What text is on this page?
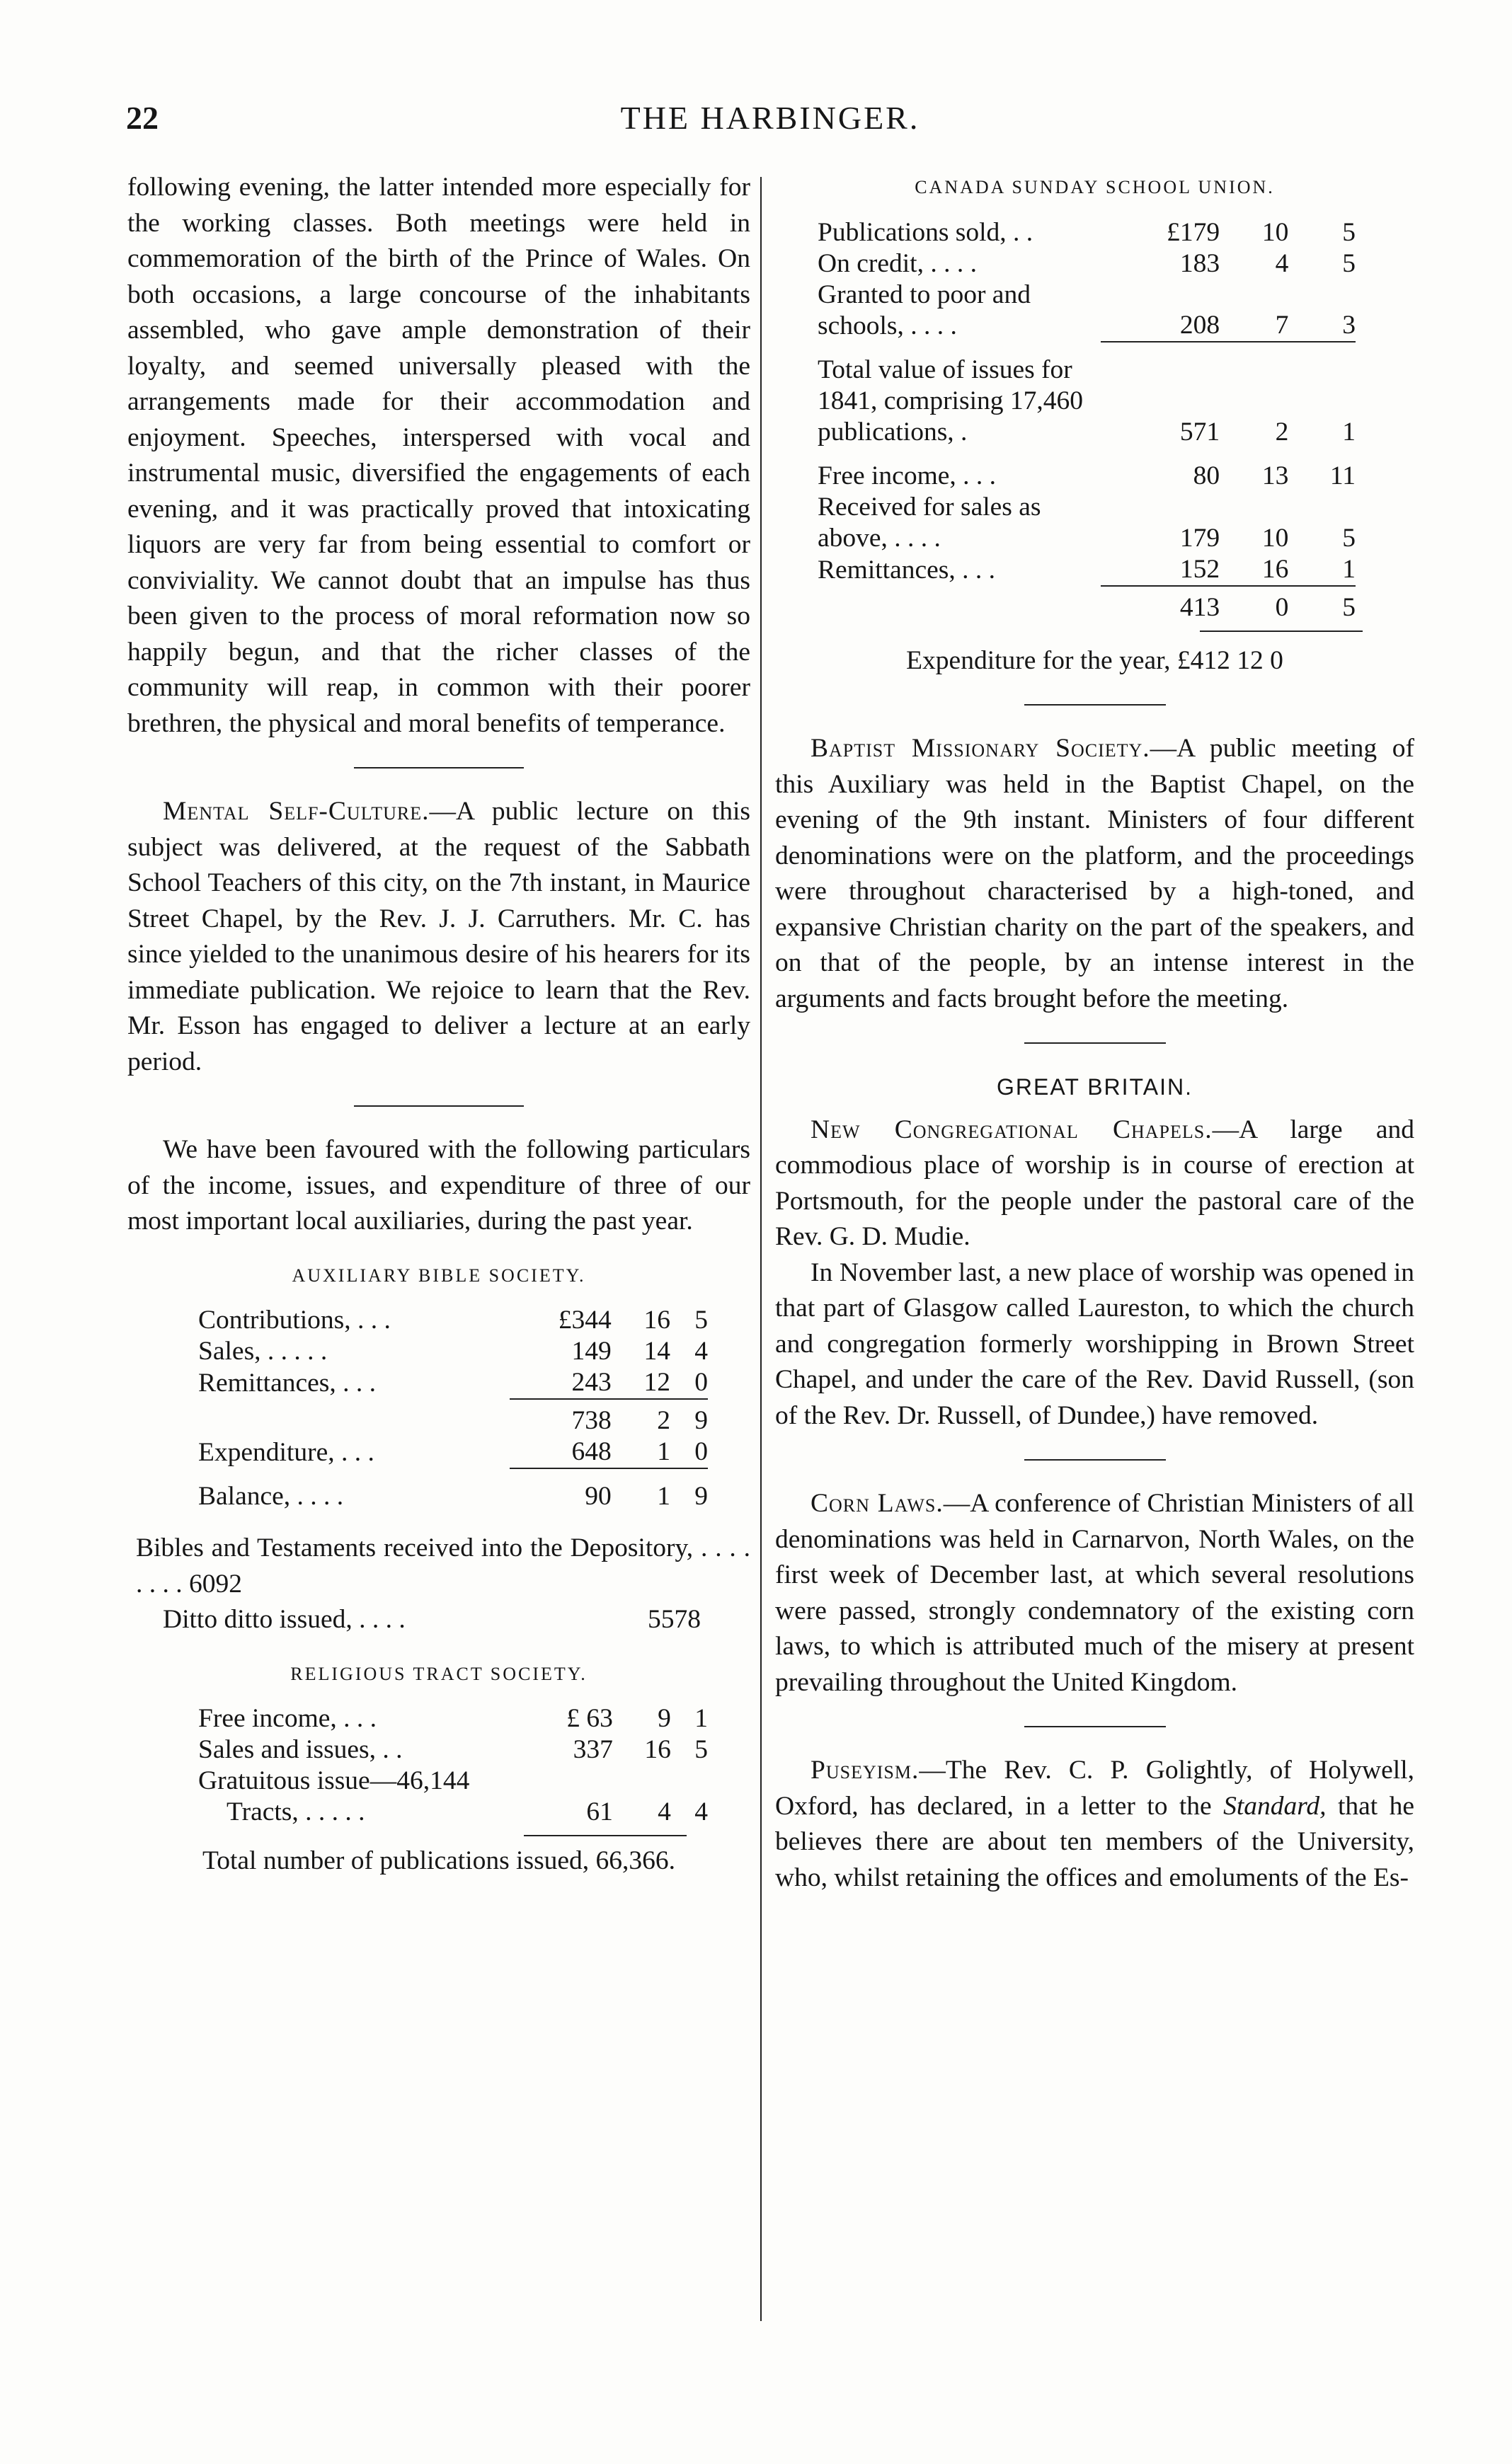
22	THE HARBINGER.

following evening, the latter intended more especially for the working classes. Both meetings were held in commemoration of the birth of the Prince of Wales. On both occasions, a large concourse of the inhabitants assembled, who gave ample demonstration of their loyalty, and seemed universally pleased with the arrangements made for their accommodation and enjoyment. Speeches, interspersed with vocal and instrumental music, diversified the engagements of each evening, and it was practically proved that intoxicating liquors are very far from being essential to comfort or conviviality. We cannot doubt that an impulse has thus been given to the process of moral reformation now so happily begun, and that the richer classes of the community will reap, in common with their poorer brethren, the physical and moral benefits of temperance.

Mental Self-Culture.—A public lecture on this subject was delivered, at the request of the Sabbath School Teachers of this city, on the 7th instant, in Maurice Street Chapel, by the Rev. J. J. Carruthers. Mr. C. has since yielded to the unanimous desire of his hearers for its immediate publication. We rejoice to learn that the Rev. Mr. Esson has engaged to deliver a lecture at an early period.

We have been favoured with the following particulars of the income, issues, and expenditure of three of our most important local auxiliaries, during the past year.

AUXILIARY BIBLE SOCIETY.
Contributions, . . .	£344	16	5
Sales, . . . . .	149	14	4
Remittances, . . .	243	12	0
	738	2	9
Expenditure, . . .	648	1	0
Balance, . . . .	90	1	9
Bibles and Testaments received into the Depository, . . . . . . . . 6092
Ditto ditto issued, . . . .	5578
RELIGIOUS TRACT SOCIETY.
Free income, . . .	£ 63	9	1
Sales and issues, . .	337	16	5
Gratuitous issue—46,144			
Tracts, . . . . .	61	4	4
Total number of publications issued, 66,366.
CANADA SUNDAY SCHOOL UNION.
Publications sold, . .	£179	10	5
On credit, . . . .	183	4	5
Granted to poor and schools, . . . .	208	7	3
Total value of issues for 1841, comprising 17,460 publications, .	571	2	1
Free income, . . .	80	13	11
Received for sales as above, . . . .	179	10	5
Remittances, . . .	152	16	1
	413	0	5
Expenditure for the year, £412 12 0

Baptist Missionary Society.—A public meeting of this Auxiliary was held in the Baptist Chapel, on the evening of the 9th instant. Ministers of four different denominations were on the platform, and the proceedings were throughout characterised by a high-toned, and expansive Christian charity on the part of the speakers, and on that of the people, by an intense interest in the arguments and facts brought before the meeting.

GREAT BRITAIN.

New Congregational Chapels.—A large and commodious place of worship is in course of erection at Portsmouth, for the people under the pastoral care of the Rev. G. D. Mudie.

In November last, a new place of worship was opened in that part of Glasgow called Laureston, to which the church and congregation formerly worshipping in Brown Street Chapel, and under the care of the Rev. David Russell, (son of the Rev. Dr. Russell, of Dundee,) have removed.

Corn Laws.—A conference of Christian Ministers of all denominations was held in Carnarvon, North Wales, on the first week of December last, at which several resolutions were passed, strongly condemnatory of the existing corn laws, to which is attributed much of the misery at present prevailing throughout the United Kingdom.

Puseyism.—The Rev. C. P. Golightly, of Holywell, Oxford, has declared, in a letter to the Standard, that he believes there are about ten members of the University, who, whilst retaining the offices and emoluments of the Es-
